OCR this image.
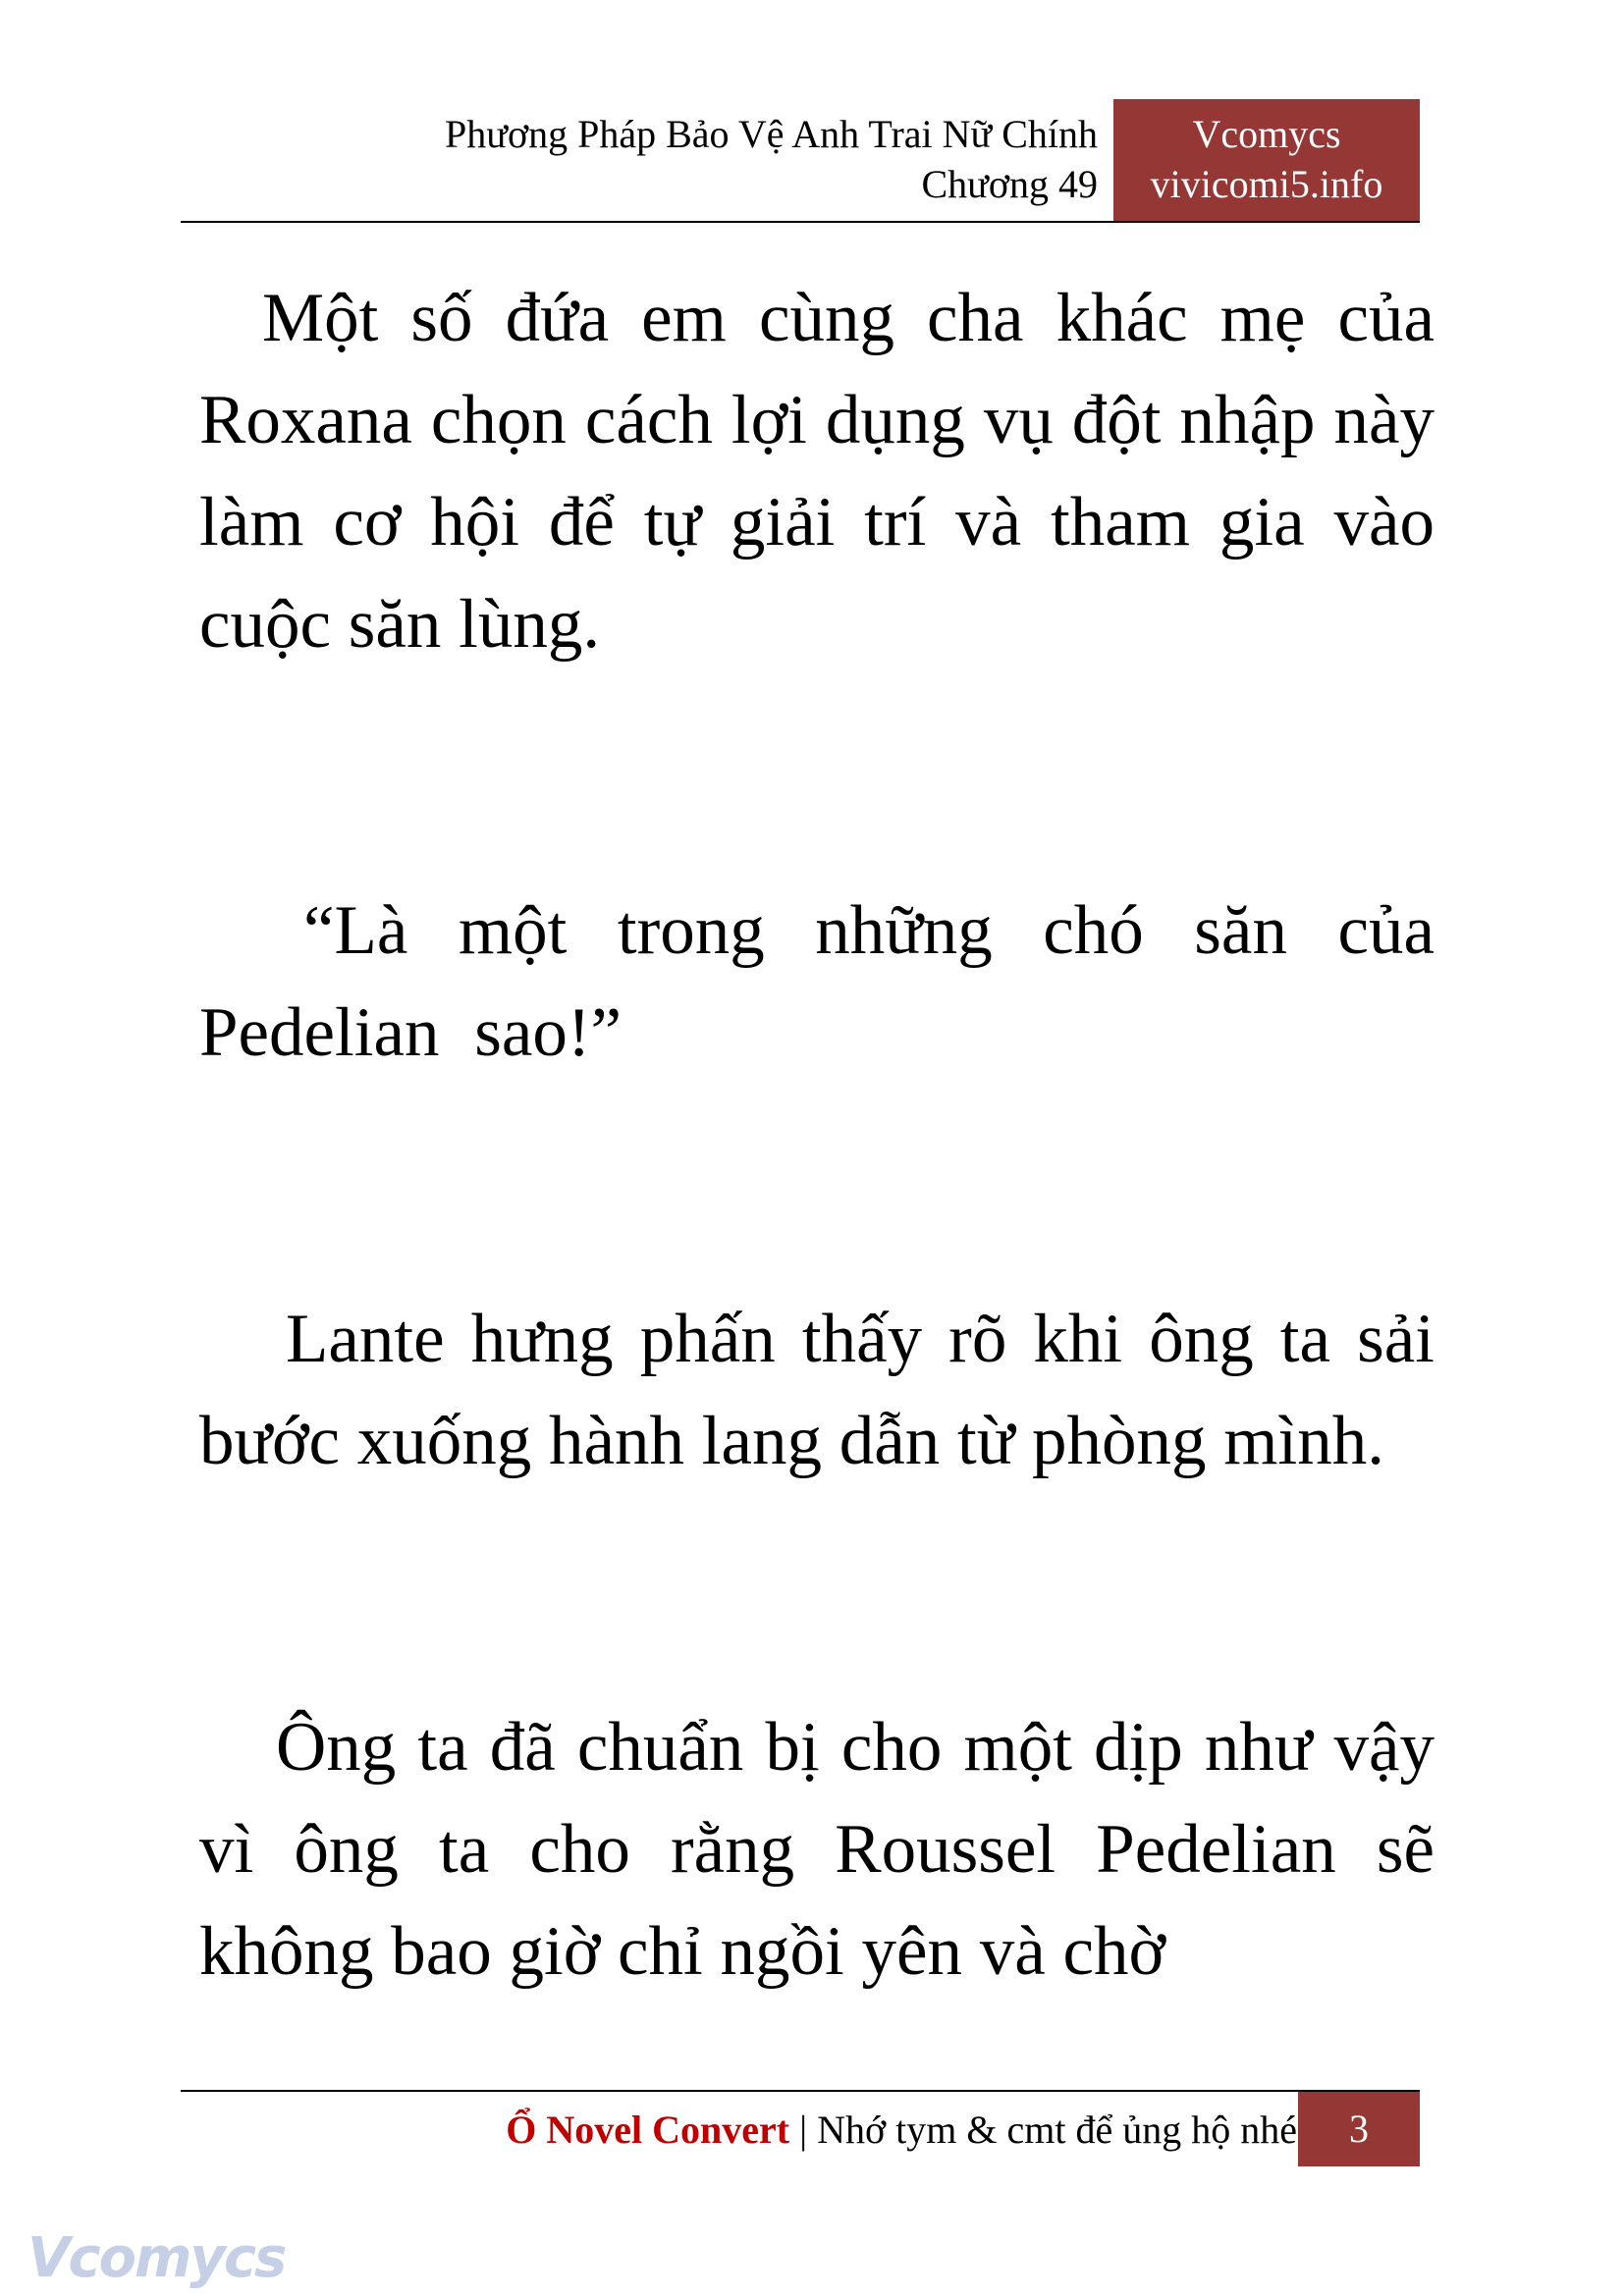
Phương Pháp Bảo Vệ Anh Trai Nữ Chính
Chương 49
Vcomycs
vivicomi5.info

Một số đứa em cùng cha khác mẹ của Roxana chọn cách lợi dụng vụ đột nhập này làm cơ hội để tự giải trí và tham gia vào cuộc săn lùng.

“Là một trong những chó săn của Pedelian sao!”

Lante hưng phấn thấy rõ khi ông ta sải bước xuống hành lang dẫn từ phòng mình.

Ông ta đã chuẩn bị cho một dịp như vậy vì ông ta cho rằng Roussel Pedelian sẽ không bao giờ chỉ ngồi yên và chờ

Ổ Novel Convert | Nhớ tym & cmt để ủng hộ nhé	3
Vcomycs
